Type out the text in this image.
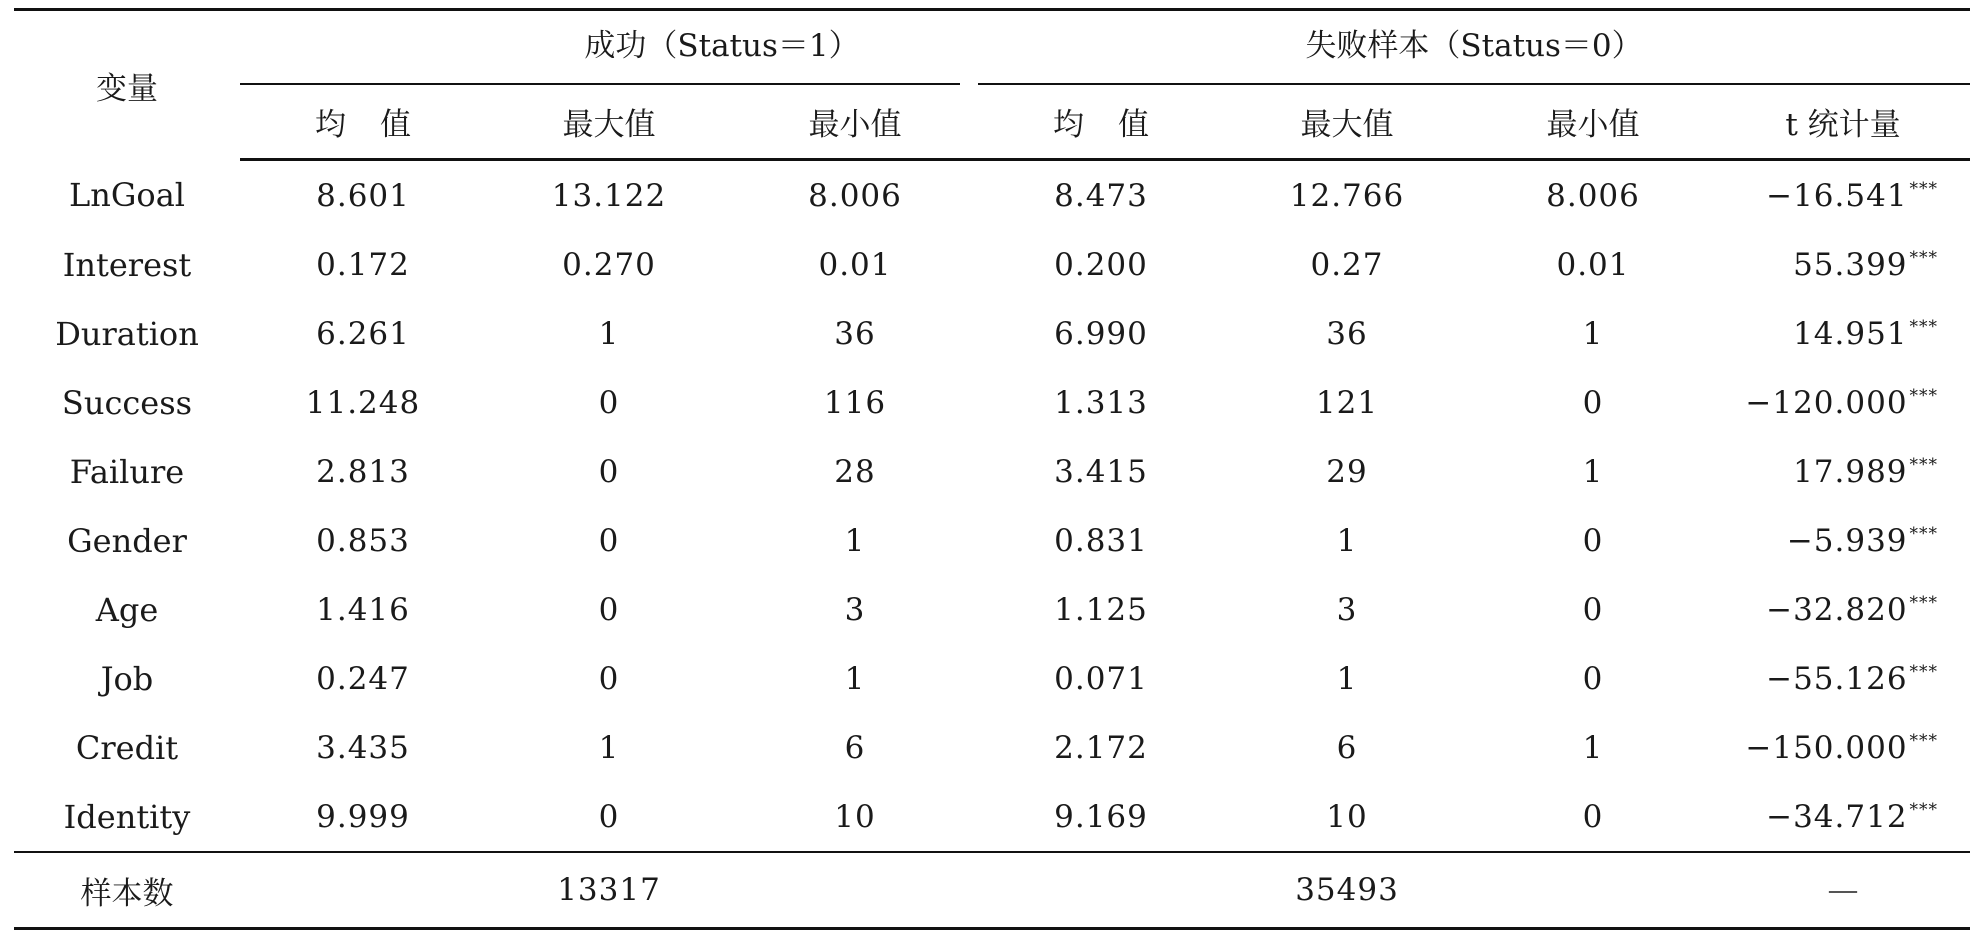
变量	成功（Status＝1）			失败样本（Status＝0）			

	均值	最大值	最小值	均值	最大值	最小值	t 统计量
LnGoal	8.601	13.122	8.006	8.473	12.766	8.006	−16.541 ***
Interest	0.172	0.270	0.01	0.200	0.27	0.01	55.399 ***
Duration	6.261	1	36	6.990	36	1	14.951 ***
Success	11.248	0	116	1.313	121	0	−120.000 ***
Failure	2.813	0	28	3.415	29	1	17.989 ***
Gender	0.853	0	1	0.831	1	0	−5.939 ***
Age	1.416	0	3	1.125	3	0	−32.820 ***
Job	0.247	0	1	0.071	1	0	−55.126 ***
Credit	3.435	1	6	2.172	6	1	−150.000 ***
Identity	9.999	0	10	9.169	10	0	−34.712 ***
样本数		13317			35493		—
